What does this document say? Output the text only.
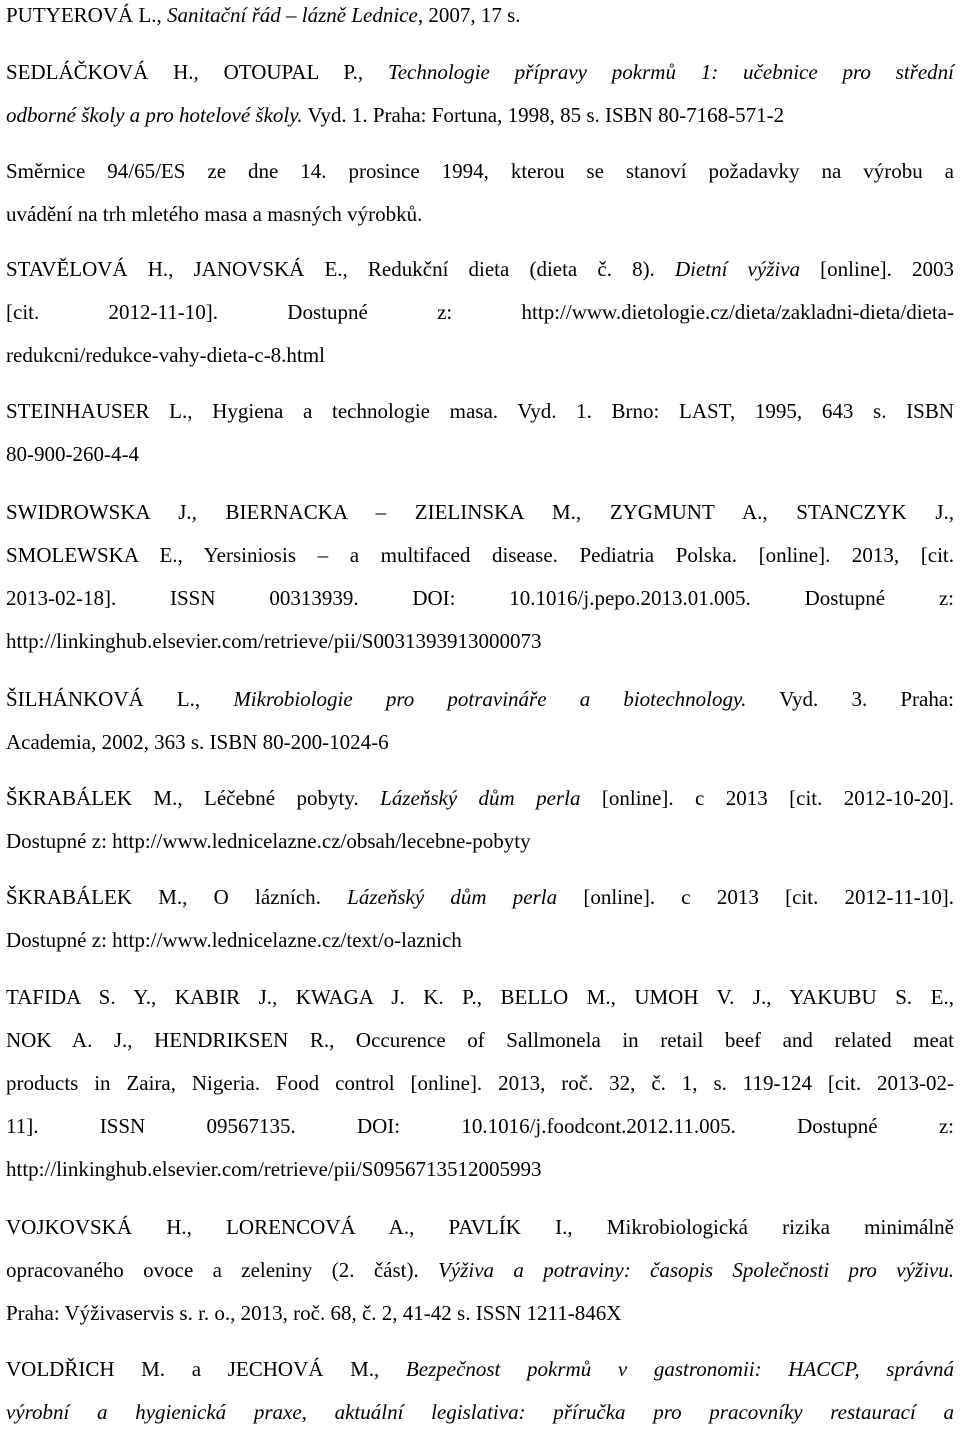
PUTYEROVÁ L., Sanitační řád – lázně Lednice, 2007, 17 s.

SEDLÁČKOVÁ H., OTOUPAL P., Technologie přípravy pokrmů 1: učebnice pro střední
odborné školy a pro hotelové školy. Vyd. 1. Praha: Fortuna, 1998, 85 s. ISBN 80-7168-571-2

Směrnice 94/65/ES ze dne 14. prosince 1994, kterou se stanoví požadavky na výrobu a
uvádění na trh mletého masa a masných výrobků.

STAVĚLOVÁ H., JANOVSKÁ E., Redukční dieta (dieta č. 8). Dietní výživa [online]. 2003
[cit. 2012-11-10]. Dostupné z: http://www.dietologie.cz/dieta/zakladni-dieta/dieta-
redukcni/redukce-vahy-dieta-c-8.html

STEINHAUSER L., Hygiena a technologie masa. Vyd. 1. Brno: LAST, 1995, 643 s. ISBN
80-900-260-4-4

SWIDROWSKA J., BIERNACKA – ZIELINSKA M., ZYGMUNT A., STANCZYK J.,
SMOLEWSKA E., Yersiniosis – a multifaced disease. Pediatria Polska. [online]. 2013, [cit.
2013-02-18]. ISSN 00313939. DOI: 10.1016/j.pepo.2013.01.005. Dostupné z:
http://linkinghub.elsevier.com/retrieve/pii/S0031393913000073

ŠILHÁNKOVÁ L., Mikrobiologie pro potravináře a biotechnology. Vyd. 3. Praha:
Academia, 2002, 363 s. ISBN 80-200-1024-6

ŠKRABÁLEK M., Léčebné pobyty. Lázeňský dům perla [online]. c 2013 [cit. 2012-10-20].
Dostupné z: http://www.lednicelazne.cz/obsah/lecebne-pobyty

ŠKRABÁLEK M., O lázních. Lázeňský dům perla [online]. c 2013 [cit. 2012-11-10].
Dostupné z: http://www.lednicelazne.cz/text/o-laznich

TAFIDA S. Y., KABIR J., KWAGA J. K. P., BELLO M., UMOH V. J., YAKUBU S. E.,
NOK A. J., HENDRIKSEN R., Occurence of Sallmonela in retail beef and related meat
products in Zaira, Nigeria. Food control [online]. 2013, roč. 32, č. 1, s. 119-124 [cit. 2013-02-
11]. ISSN 09567135. DOI: 10.1016/j.foodcont.2012.11.005. Dostupné z:
http://linkinghub.elsevier.com/retrieve/pii/S0956713512005993

VOJKOVSKÁ H., LORENCOVÁ A., PAVLÍK I., Mikrobiologická rizika minimálně
opracovaného ovoce a zeleniny (2. část). Výživa a potraviny: časopis Společnosti pro výživu.
Praha: Výživaservis s. r. o., 2013, roč. 68, č. 2, 41-42 s. ISSN 1211-846X

VOLDŘICH M. a JECHOVÁ M., Bezpečnost pokrmů v gastronomii: HACCP, správná
výrobní a hygienická praxe, aktuální legislativa: příručka pro pracovníky restaurací a
